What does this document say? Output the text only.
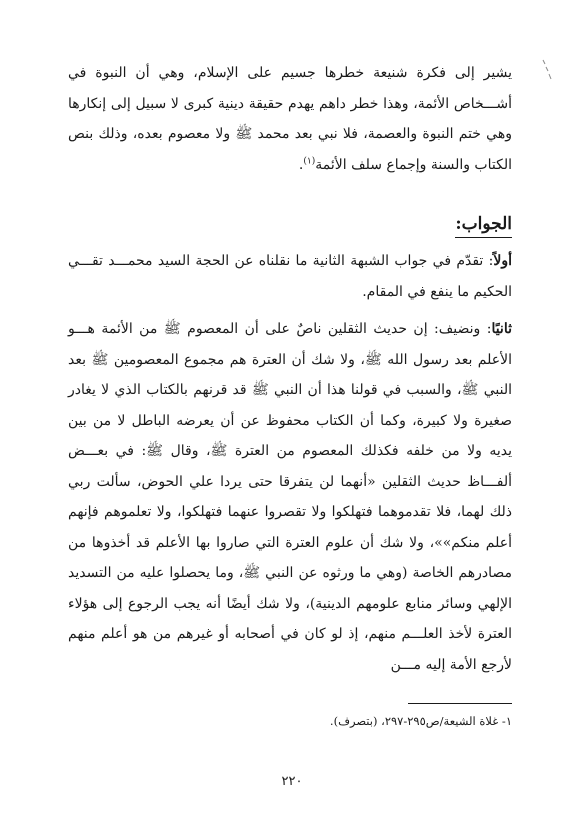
يشير إلى فكرة شنيعة خطرها جسيم على الإسلام، وهي أن النبوة في أشـــخاص الأئمة، وهذا خطر داهم يهدم حقيقة دينية كبرى لا سبيل إلى إنكارها وهي ختم النبوة والعصمة، فلا نبي بعد محمد ﷺ ولا معصوم بعده، وذلك بنص الكتاب والسنة وإجماع سلف الأئمة$^{(١)}$.

الجواب:

أولاً: تقدّم في جواب الشبهة الثانية ما نقلناه عن الحجة السيد محمـــد تقـــي الحكيم ما ينفع في المقام.

ثانيًا: ونضيف: إن حديث الثقلين ناصٌ على أن المعصوم ﷺ من الأئمة هـــو الأعلم بعد رسول الله ﷺ، ولا شك أن العترة هم مجموع المعصومين ﷺ بعد النبي ﷺ، والسبب في قولنا هذا أن النبي ﷺ قد قرنهم بالكتاب الذي لا يغادر صغيرة ولا كبيرة، وكما أن الكتاب محفوظ عن أن يعرضه الباطل لا من بين يديه ولا من خلفه فكذلك المعصوم من العترة ﷺ، وقال ﷺ: في بعـــض ألفـــاظ حديث الثقلين «أنهما لن يتفرقا حتى يردا علي الحوض، سألت ربي ذلك لهما، فلا تقدموهما فتهلكوا ولا تقصروا عنهما فتهلكوا، ولا تعلموهم فإنهم أعلم منكم»»، ولا شك أن علوم العترة التي صاروا بها الأعلم قد أخذوها من مصادرهم الخاصة (وهي ما ورثوه عن النبي ﷺ، وما يحصلوا عليه من التسديد الإلهي وسائر منابع علومهم الدينية)، ولا شك أيضًا أنه يجب الرجوع إلى هؤلاء العترة لأخذ العلـــم منهم، إذ لو كان في أصحابه أو غيرهم من هو أعلم منهم لأرجع الأمة إليه مـــن

١- غلاة الشيعة/ص٢٩٥-٢٩٧، (بتصرف).
٢٢٠
